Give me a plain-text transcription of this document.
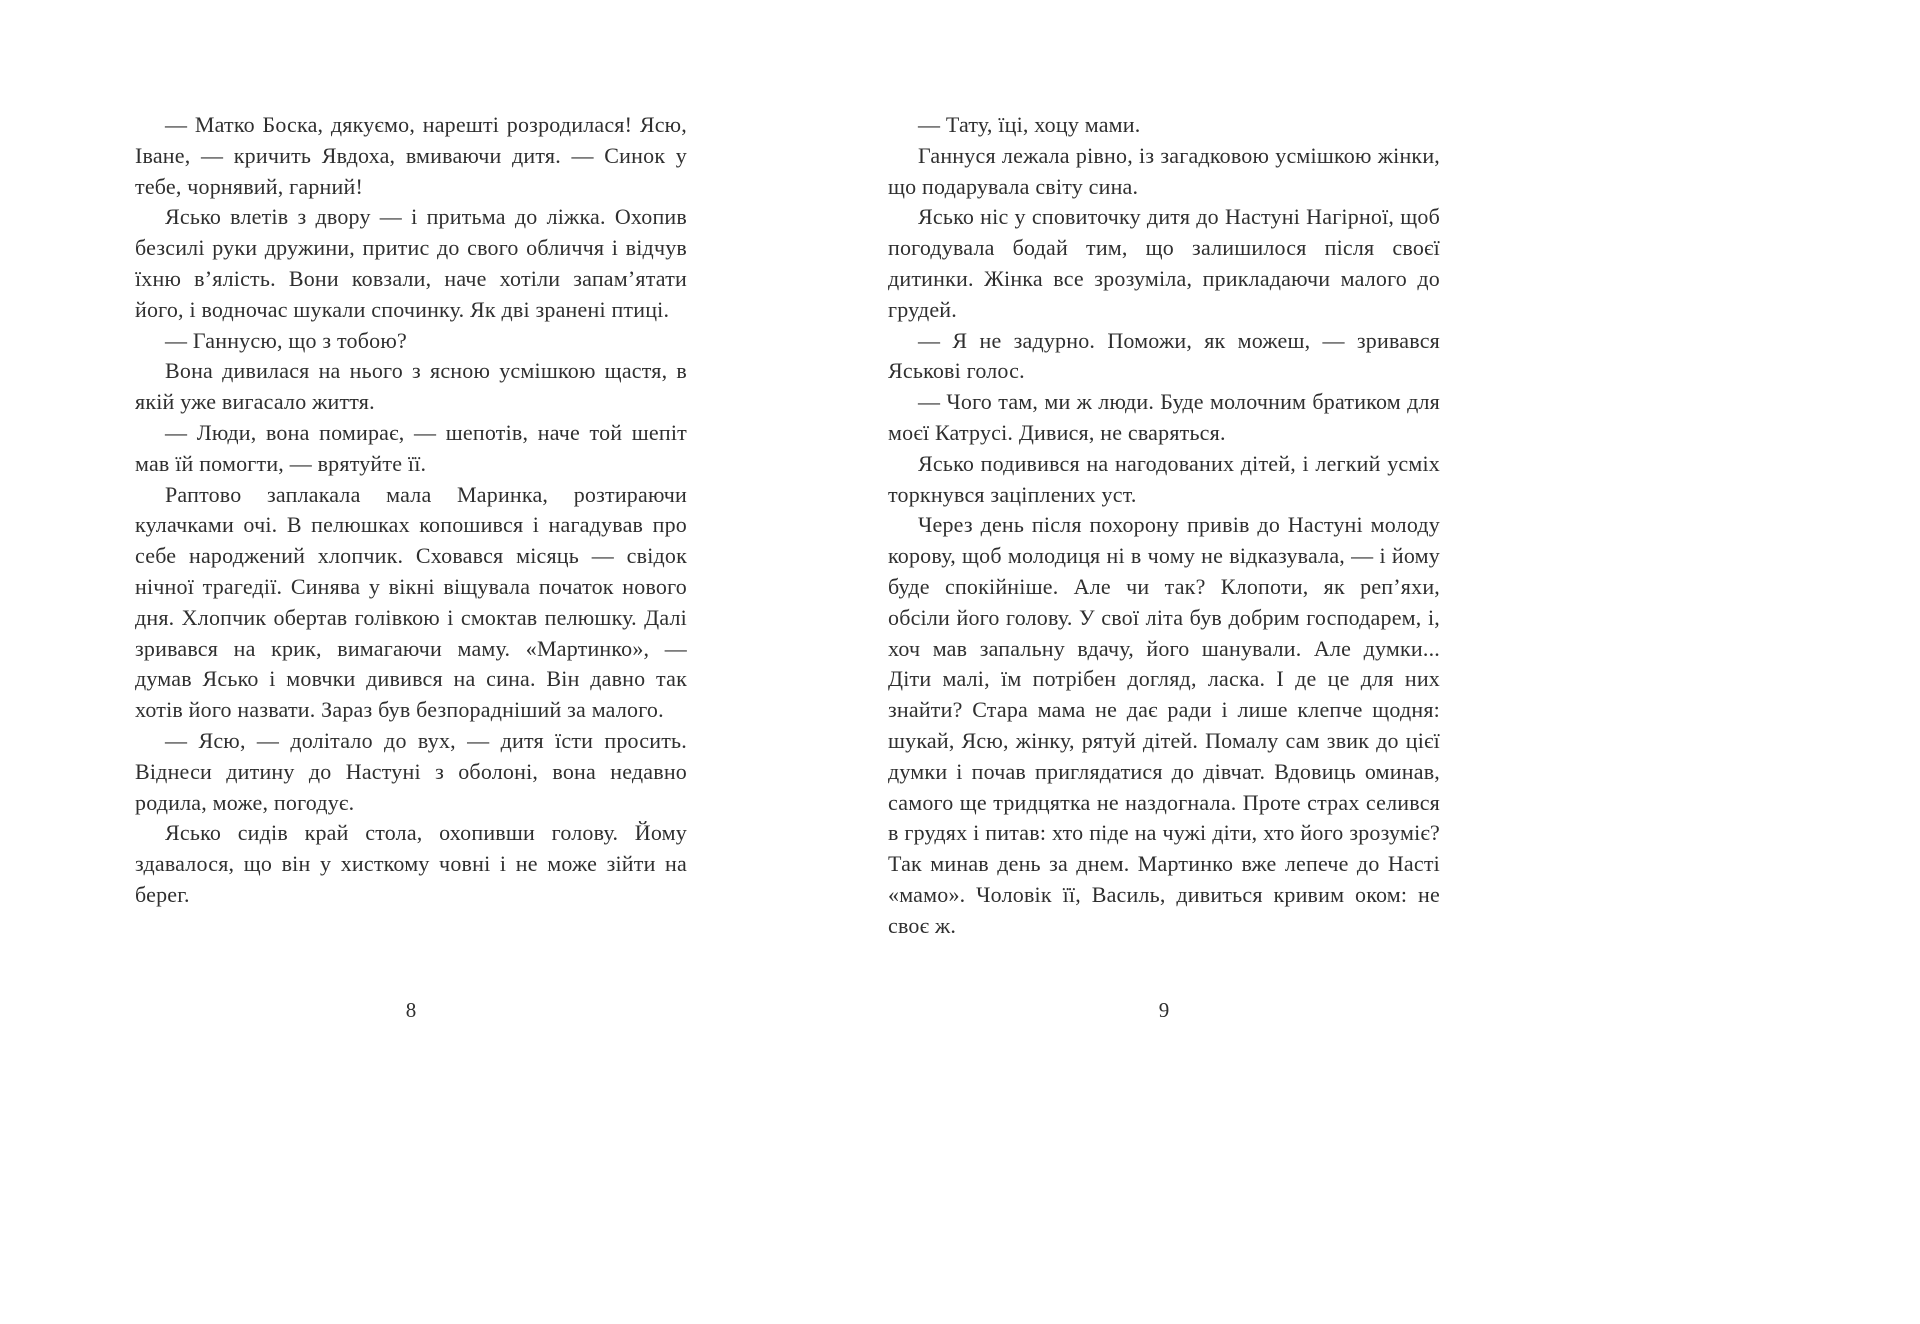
— Матко Боска, дякуємо, нарешті розродилася! Ясю, Іване, — кричить Явдоха, вмиваючи дитя. — Синок у тебе, чорнявий, гарний!

Ясько влетів з двору — і притьма до ліжка. Охопив безсилі руки дружини, притис до свого обличчя і відчув їхню в’ялість. Вони ковзали, наче хотіли запам’ятати його, і водночас шукали спочинку. Як дві зранені птиці.

— Ганнусю, що з тобою?

Вона дивилася на нього з ясною усмішкою щастя, в якій уже вигасало життя.

— Люди, вона помирає, — шепотів, наче той шепіт мав їй помогти, — врятуйте її.

Раптово заплакала мала Маринка, розтираючи кулачками очі. В пелюшках копошився і нагадував про себе народжений хлопчик. Сховався місяць — свідок нічної трагедії. Синява у вікні віщувала початок нового дня. Хлопчик обертав голівкою і смоктав пелюшку. Далі зривався на крик, вимагаючи маму. «Мартинко», — думав Ясько і мовчки дивився на сина. Він давно так хотів його назвати. Зараз був безпорадніший за малого.

— Ясю, — долітало до вух, — дитя їсти просить. Віднеси дитину до Настуні з оболоні, вона недавно родила, може, погодує.

Ясько сидів край стола, охопивши голову. Йому здавалося, що він у хисткому човні і не може зійти на берег.

8

— Тату, їці, хоцу мами.

Ганнуся лежала рівно, із загадковою усмішкою жінки, що подарувала світу сина.

Ясько ніс у сповиточку дитя до Настуні Нагірної, щоб погодувала бодай тим, що залишилося після своєї дитинки. Жінка все зрозуміла, прикладаючи малого до грудей.

— Я не задурно. Поможи, як можеш, — зривався Яськові голос.

— Чого там, ми ж люди. Буде молочним братиком для моєї Катрусі. Дивися, не сваряться.

Ясько подивився на нагодованих дітей, і легкий усміх торкнувся заціплених уст.

Через день після похорону привів до Настуні молоду корову, щоб молодиця ні в чому не відказувала, — і йому буде спокійніше. Але чи так? Клопоти, як реп’яхи, обсіли його голову. У свої літа був добрим господарем, і, хоч мав запальну вдачу, його шанували. Але думки... Діти малі, їм потрібен догляд, ласка. І де це для них знайти? Стара мама не дає ради і лише клепче щодня: шукай, Ясю, жінку, рятуй дітей. Помалу сам звик до цієї думки і почав приглядатися до дівчат. Вдовиць оминав, самого ще тридцятка не наздогнала. Проте страх селився в грудях і питав: хто піде на чужі діти, хто його зрозуміє? Так минав день за днем. Мартинко вже лепече до Насті «мамо». Чоловік її, Василь, дивиться кривим оком: не своє ж.

9
